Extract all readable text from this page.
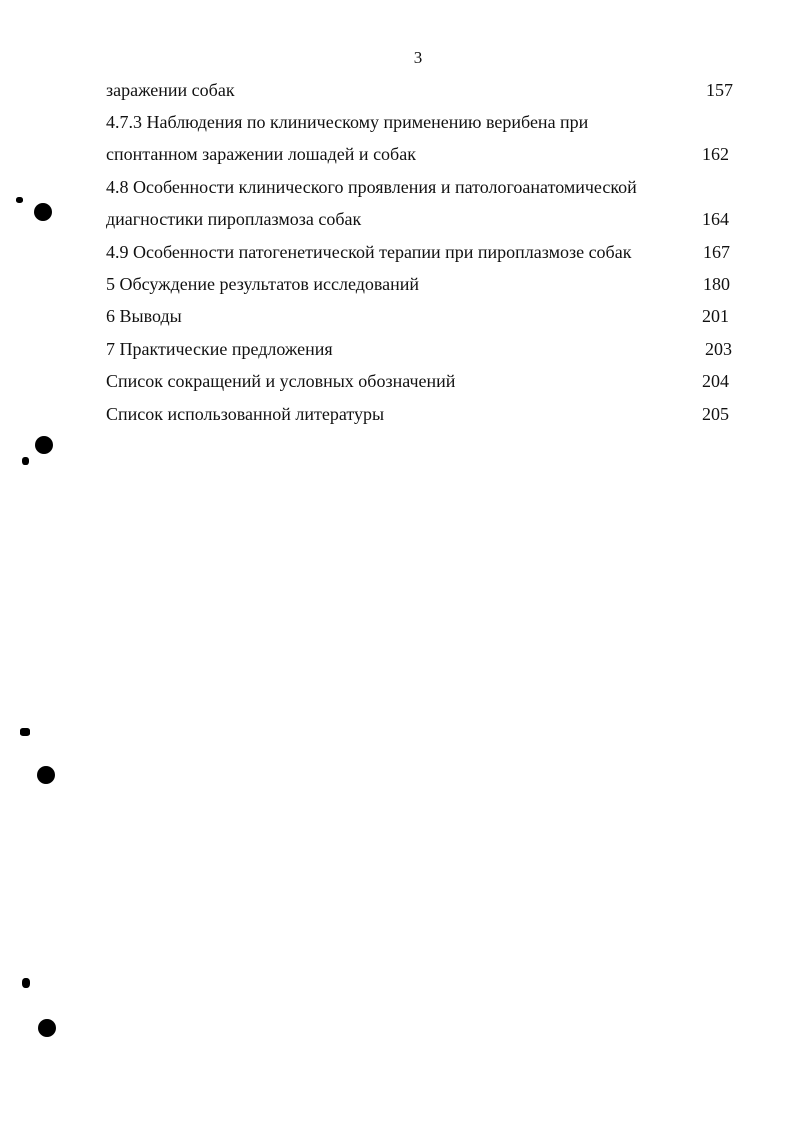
3
заражении собак	157
4.7.3 Наблюдения по клиническому применению верибена при
спонтанном заражении лошадей и собак	162
4.8 Особенности клинического проявления и патологоанатомической
диагностики пироплазмоза собак	164
4.9 Особенности патогенетической терапии при пироплазмозе собак	167
5 Обсуждение результатов исследований	180
6 Выводы	201
7 Практические предложения	203
Список сокращений и условных обозначений	204
Список использованной литературы	205
